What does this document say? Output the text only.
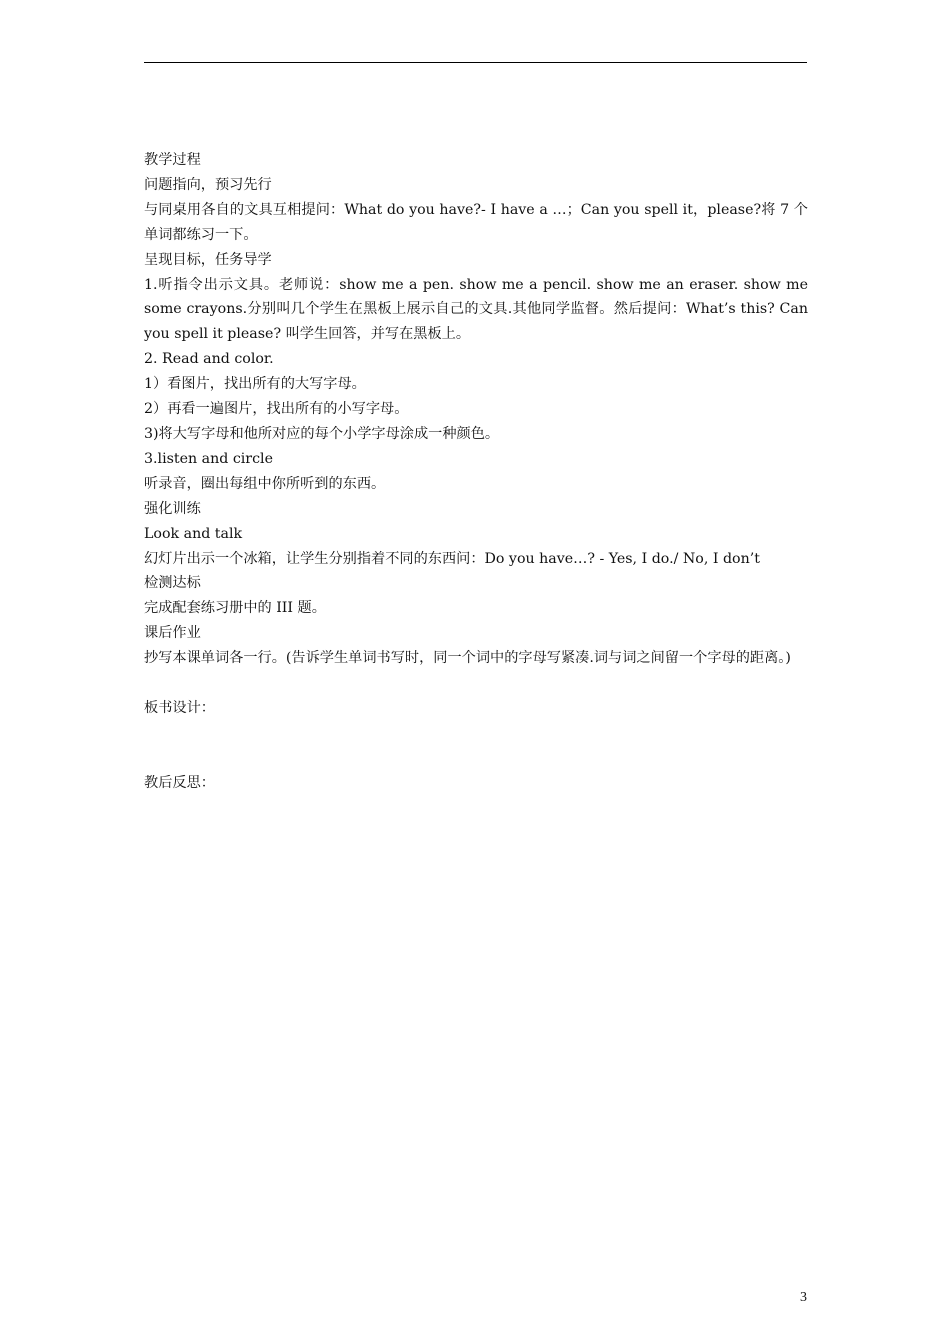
教学过程

问题指向，预习先行

与同桌用各自的文具互相提问：What do you have?- I have a …；Can you spell it，please?将 7 个单词都练习一下。

呈现目标，任务导学

1.听指令出示文具。老师说：show me a pen. show me a pencil. show me an eraser. show me some crayons.分别叫几个学生在黑板上展示自己的文具.其他同学监督。然后提问：What’s this? Can you spell it please? 叫学生回答，并写在黑板上。

2. Read and color.

1）看图片，找出所有的大写字母。

2）再看一遍图片，找出所有的小写字母。

3)将大写字母和他所对应的每个小学字母涂成一种颜色。

3.listen and circle

听录音，圈出每组中你所听到的东西。

强化训练

Look and talk

幻灯片出示一个冰箱，让学生分别指着不同的东西问：Do you have…? - Yes, I do./ No, I don’t

检测达标

完成配套练习册中的 III 题。

课后作业

抄写本课单词各一行。(告诉学生单词书写时，同一个词中的字母写紧凑.词与词之间留一个字母的距离。)

板书设计：

教后反思：

3
